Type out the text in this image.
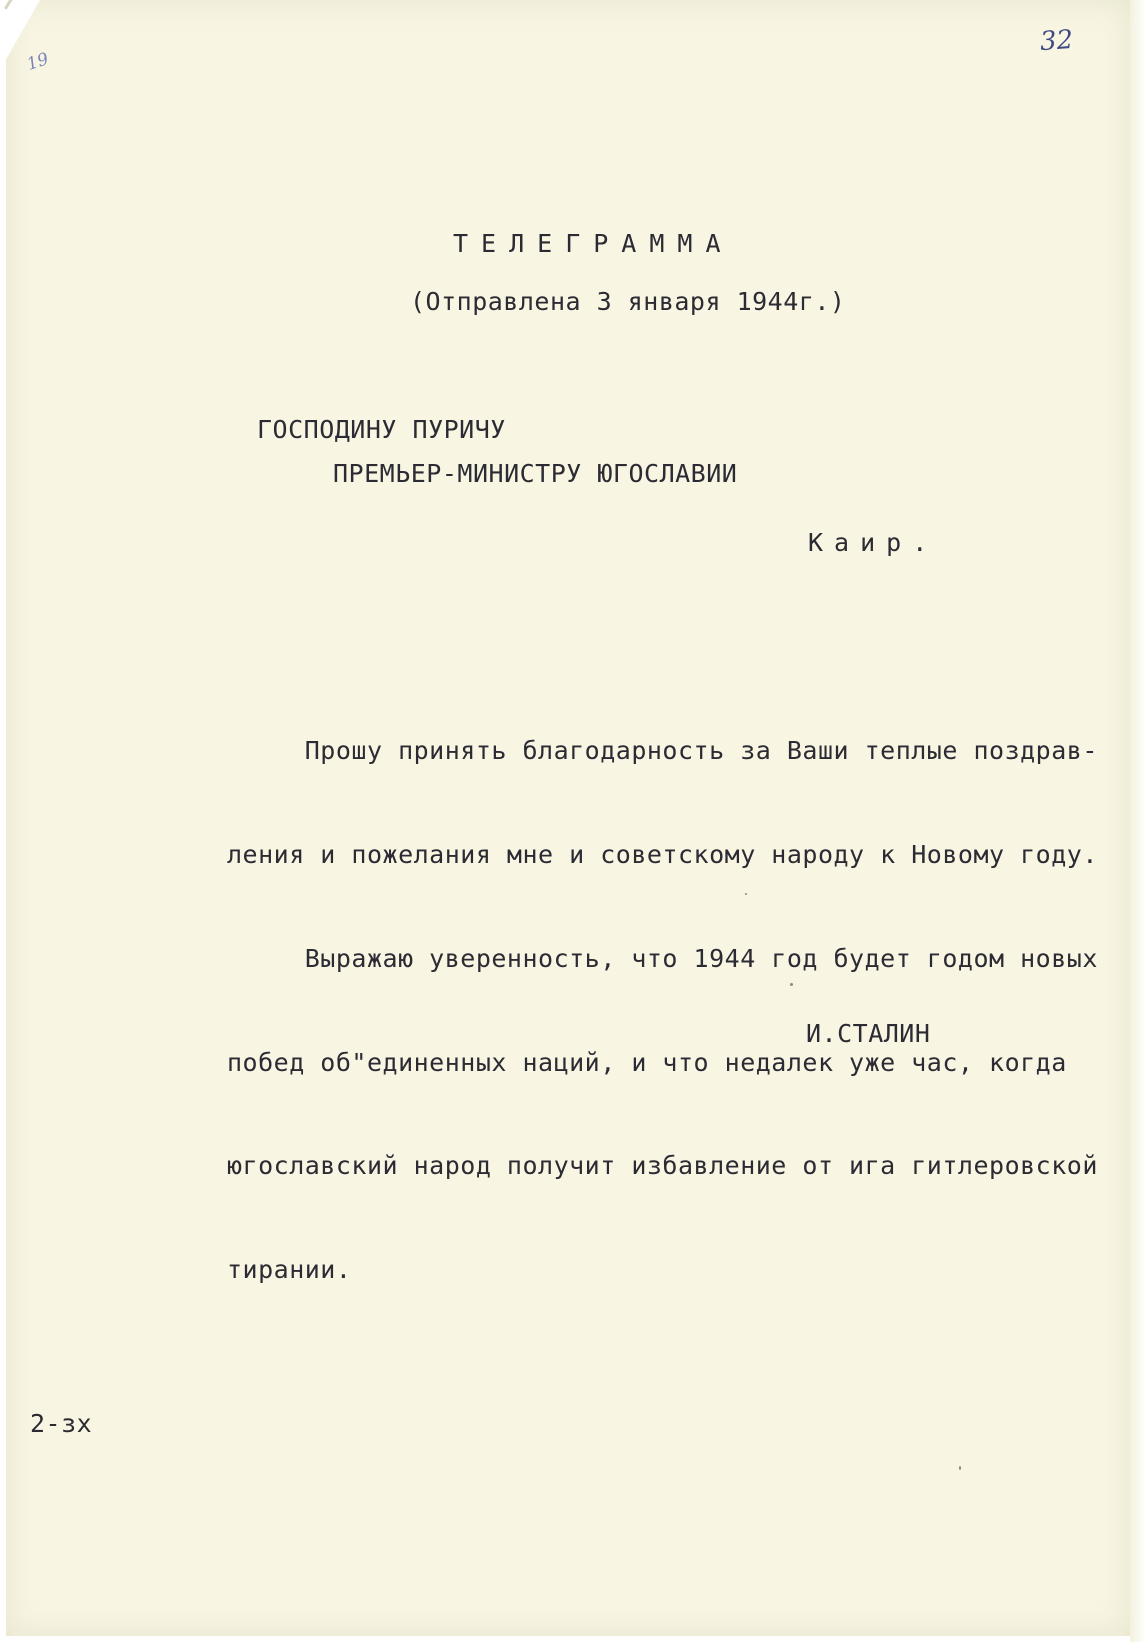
32
19
ТЕЛЕГРАММА
(Отправлена 3 января 1944г.)
ГОСПОДИНУ ПУРИЧУ
ПРЕМЬЕР-МИНИСТРУ ЮГОСЛАВИИ
Каир.

Прошу принять благодарность за Ваши теплые поздрав-

ления и пожелания мне и советскому народу к Новому году.

Выражаю уверенность, что 1944 год будет годом новых

побед об"единенных наций, и что недалек уже час, когда

югославский народ получит избавление от ига гитлеровской

тирании.

И.СТАЛИН
2-зх
